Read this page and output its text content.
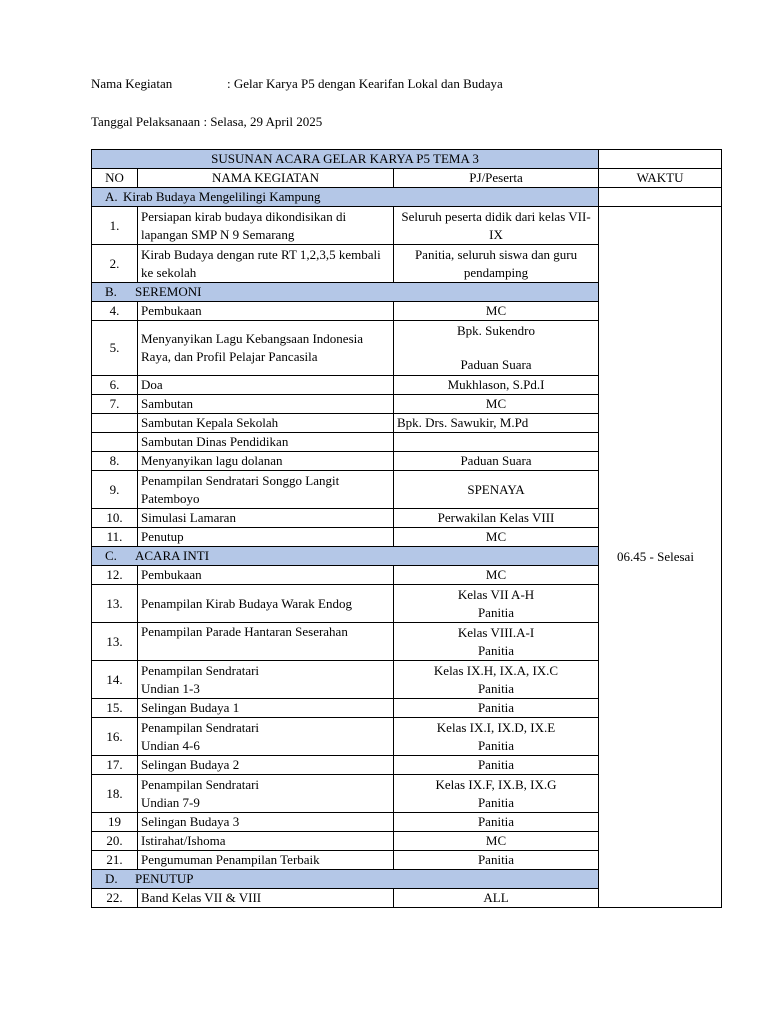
Nama Kegiatan	: Gelar Karya P5 dengan Kearifan Lokal dan Budaya
Tanggal Pelaksanaan : Selasa, 29 April 2025
SUSUNAN ACARA GELAR KARYA P5 TEMA 3			
NO	NAMA KEGIATAN	PJ/Peserta	WAKTU
A. Kirab Budaya Mengelilingi Kampung			
1.	Persiapan kirab budaya dikondisikan di lapangan SMP N 9 Semarang	Seluruh peserta didik dari kelas VII-IX	06.45 - Selesai
2.	Kirab Budaya dengan rute RT 1,2,3,5 kembali ke sekolah	Panitia, seluruh siswa dan guru pendamping	
B. SEREMONI			
4.	Pembukaan	MC	
5.	Menyanyikan Lagu Kebangsaan Indonesia Raya, dan Profil Pelajar Pancasila	Bpk. Sukendro
Paduan Suara	
6.	Doa	Mukhlason, S.Pd.I	
7.	Sambutan	MC	
	Sambutan Kepala Sekolah	Bpk. Drs. Sawukir, M.Pd	
	Sambutan Dinas Pendidikan		
8.	Menyanyikan lagu dolanan	Paduan Suara	
9.	Penampilan Sendratari Songgo Langit Patemboyo	SPENAYA	
10.	Simulasi Lamaran	Perwakilan Kelas VIII	
11.	Penutup	MC	
C. ACARA INTI			
12.	Pembukaan	MC	
13.	Penampilan Kirab Budaya Warak Endog	Kelas VII A-H
Panitia	
13.	Penampilan Parade Hantaran Seserahan	Kelas VIII.A-I
Panitia	
14.	Penampilan Sendratari
Undian 1-3	Kelas IX.H, IX.A, IX.C
Panitia	
15.	Selingan Budaya 1	Panitia	
16.	Penampilan Sendratari
Undian 4-6	Kelas IX.I, IX.D, IX.E
Panitia	
17.	Selingan Budaya 2	Panitia	
18.	Penampilan Sendratari
Undian 7-9	Kelas IX.F, IX.B, IX.G
Panitia	
19	Selingan Budaya 3	Panitia	
20.	Istirahat/Ishoma	MC	
21.	Pengumuman Penampilan Terbaik	Panitia	
D. PENUTUP			
22.	Band Kelas VII & VIII	ALL	
